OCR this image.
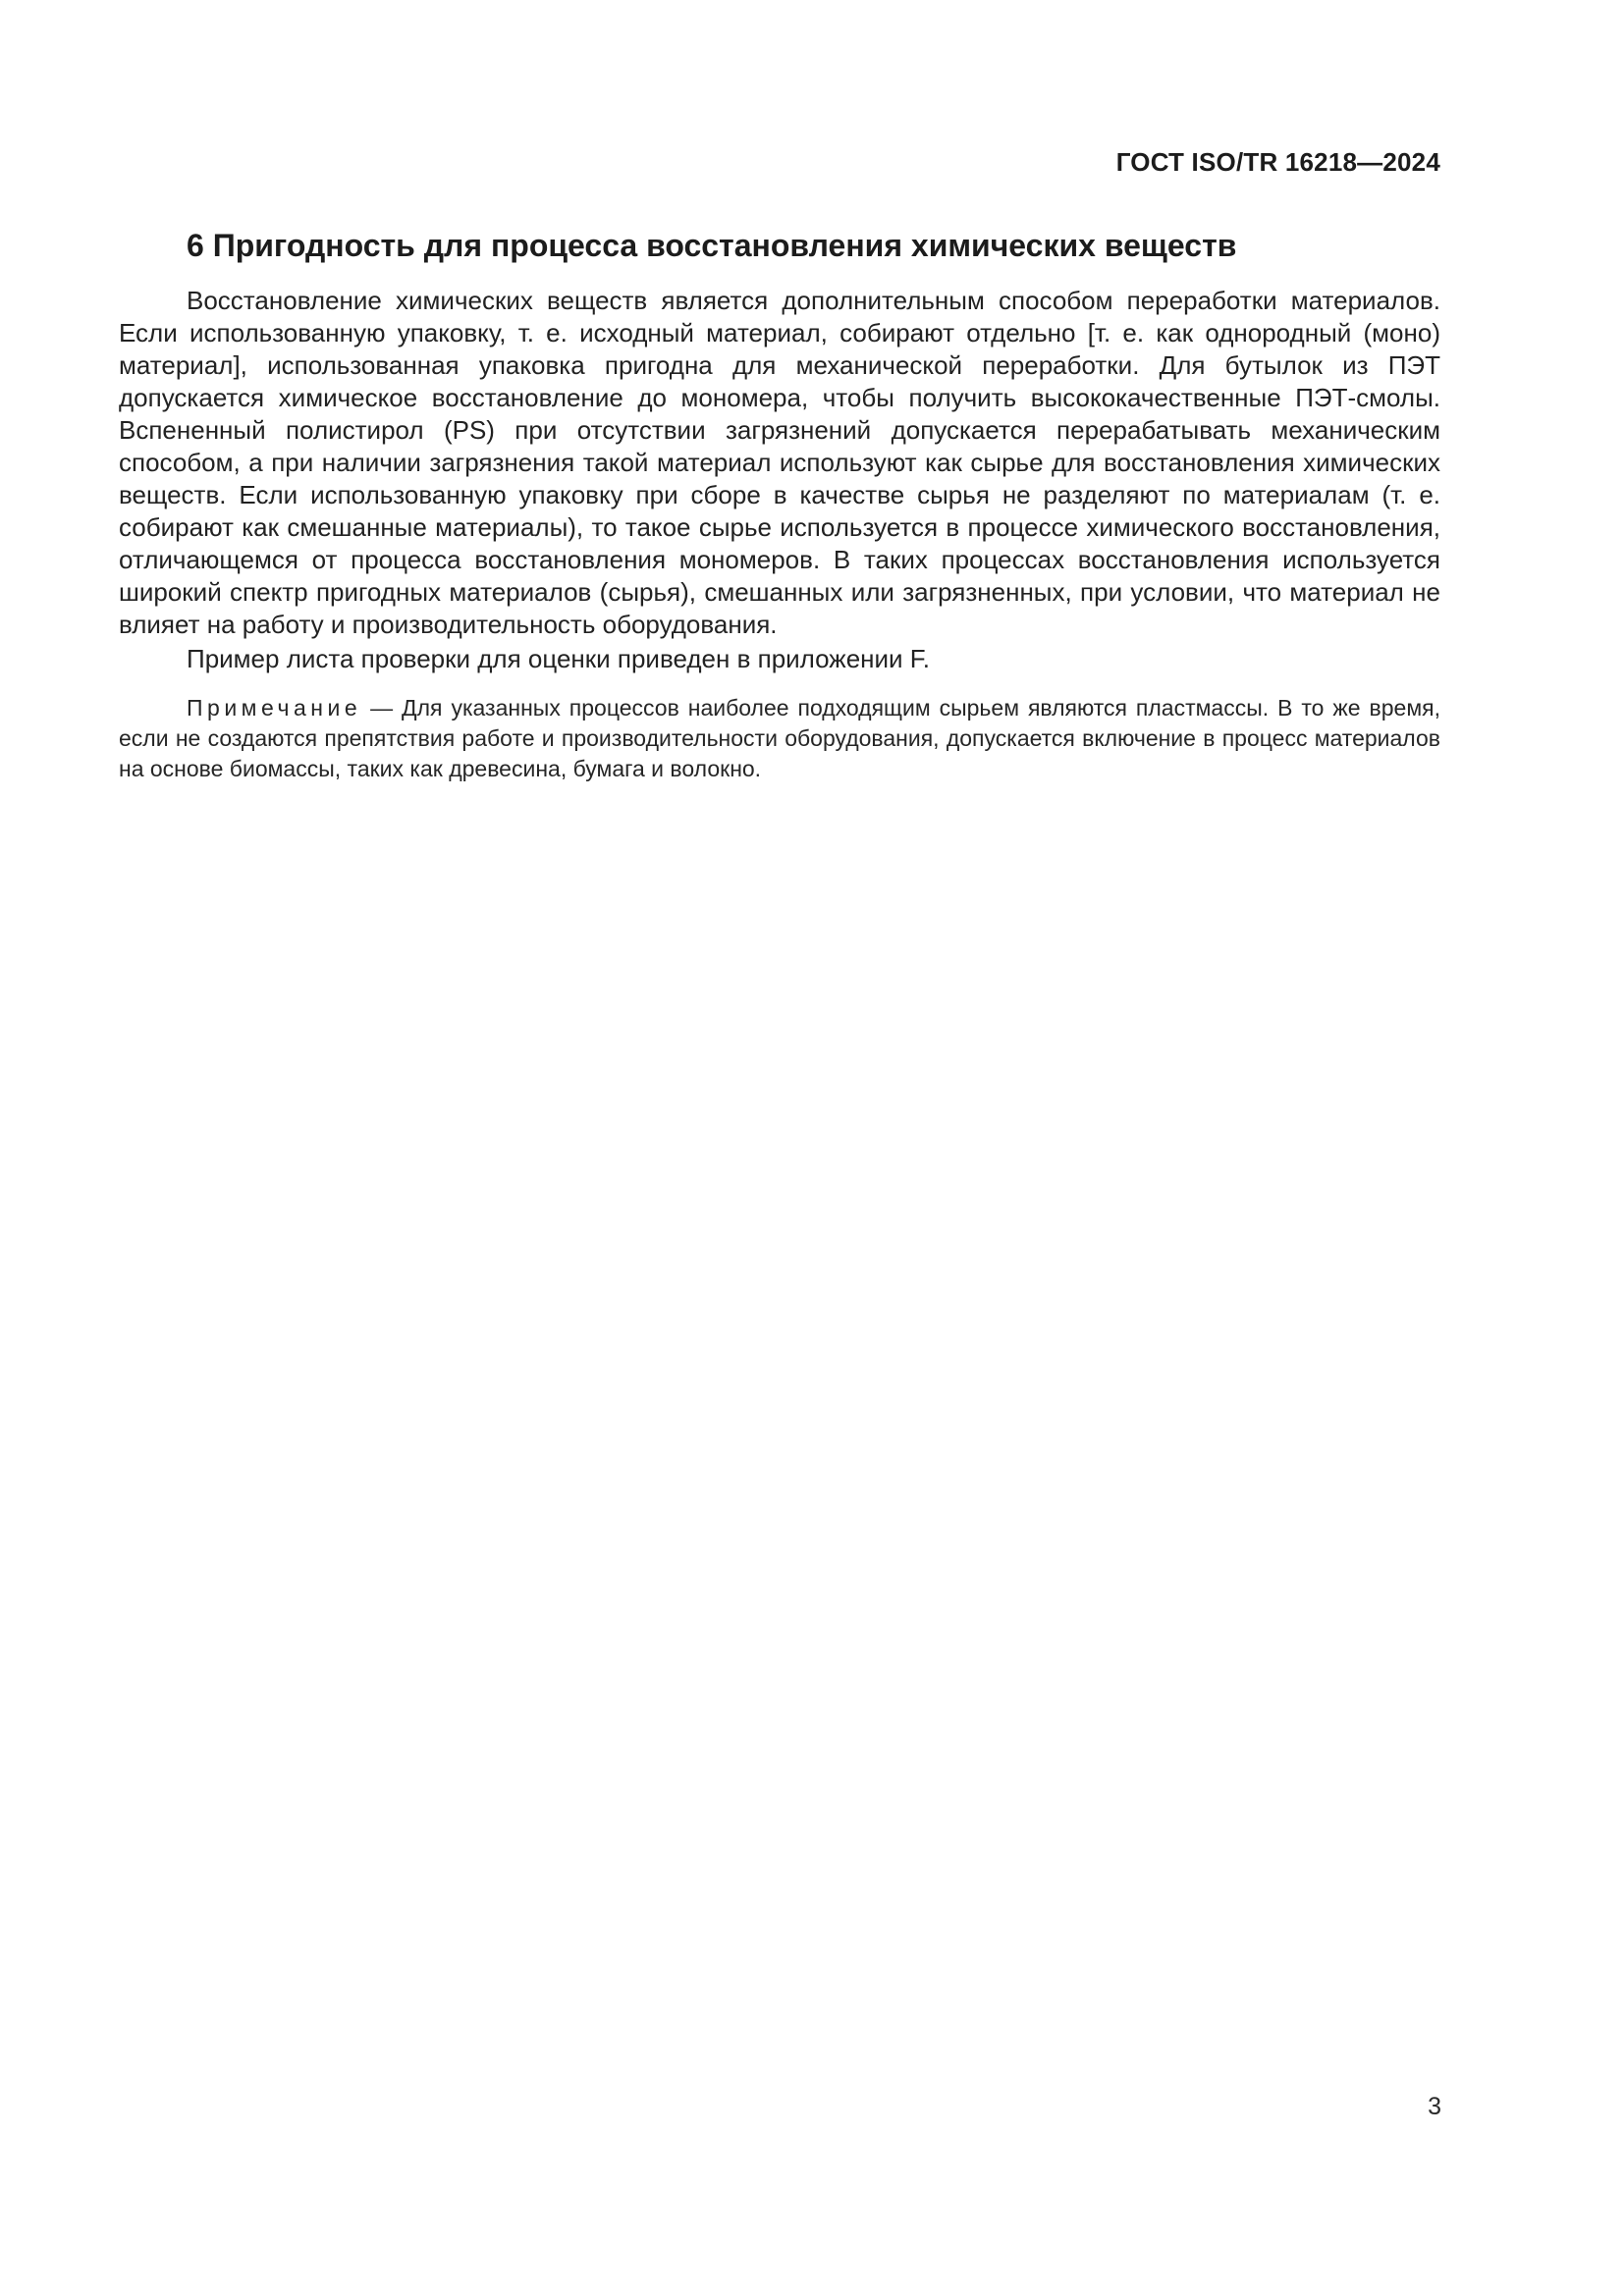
ГОСТ ISO/TR 16218—2024

6 Пригодность для процесса восстановления химических веществ

Восстановление химических веществ является дополнительным способом переработки материалов. Если использованную упаковку, т. е. исходный материал, собирают отдельно [т. е. как однородный (моно) материал], использованная упаковка пригодна для механической переработки. Для бутылок из ПЭТ допускается химическое восстановление до мономера, чтобы получить высококачественные ПЭТ-смолы. Вспененный полистирол (PS) при отсутствии загрязнений допускается перерабатывать механическим способом, а при наличии загрязнения такой материал используют как сырье для восстановления химических веществ. Если использованную упаковку при сборе в качестве сырья не разделяют по материалам (т. е. собирают как смешанные материалы), то такое сырье используется в процессе химического восстановления, отличающемся от процесса восстановления мономеров. В таких процессах восстановления используется широкий спектр пригодных материалов (сырья), смешанных или загрязненных, при условии, что материал не влияет на работу и производительность оборудования.

Пример листа проверки для оценки приведен в приложении F.

Примечание — Для указанных процессов наиболее подходящим сырьем являются пластмассы. В то же время, если не создаются препятствия работе и производительности оборудования, допускается включение в процесс материалов на основе биомассы, таких как древесина, бумага и волокно.

3
